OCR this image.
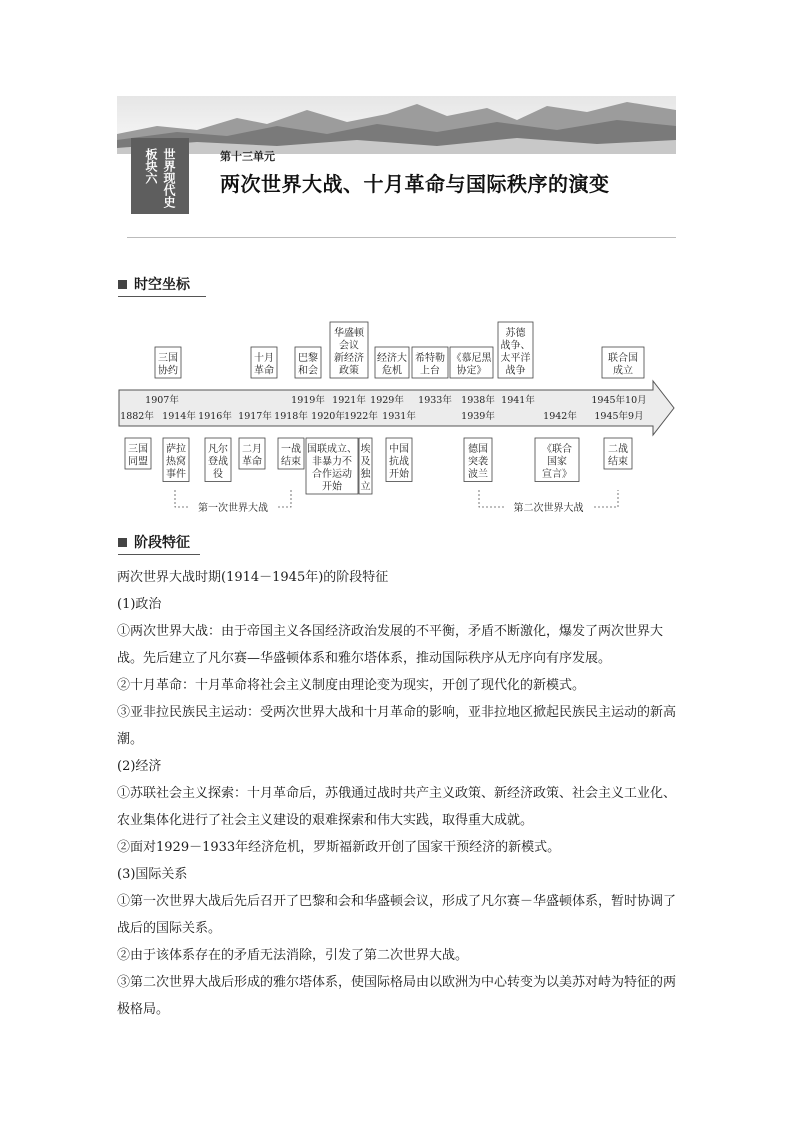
世界现代史
板块六	第十三单元
两次世界大战、十月革命与国际秩序的演变
时空坐标
三国
协约
十月
革命
巴黎
和会
华盛顿
会议
新经济
政策
经济大
危机
希特勒
上台
《慕尼黑
协定》
苏德
战争、
太平洋
战争
联合国
成立
三国
同盟
萨拉
热窝
事件
凡尔
登战
役
二月
革命
一战
结束
国联成立、
非暴力不
合作运动
开始
埃
及
独
立
中国
抗战
开始
德国
突袭
波兰
《联合
国家
宣言》
二战
结束
1907年	1919年 1921年 1929年 1933年 1938年 1941年	1945年10月
1882年 1914年 1916年 1917年 1918年 1920年 1922年 1931年	1939年	1942年 1945年9月
第一次世界大战	第二次世界大战
阶段特征

两次世界大战时期(1914－1945年)的阶段特征

(1)政治

①两次世界大战：由于帝国主义各国经济政治发展的不平衡，矛盾不断激化，爆发了两次世界大战。先后建立了凡尔赛—华盛顿体系和雅尔塔体系，推动国际秩序从无序向有序发展。

②十月革命：十月革命将社会主义制度由理论变为现实，开创了现代化的新模式。

③亚非拉民族民主运动：受两次世界大战和十月革命的影响，亚非拉地区掀起民族民主运动的新高潮。

(2)经济

①苏联社会主义探索：十月革命后，苏俄通过战时共产主义政策、新经济政策、社会主义工业化、农业集体化进行了社会主义建设的艰难探索和伟大实践，取得重大成就。

②面对1929－1933年经济危机，罗斯福新政开创了国家干预经济的新模式。

(3)国际关系

①第一次世界大战后先后召开了巴黎和会和华盛顿会议，形成了凡尔赛－华盛顿体系，暂时协调了战后的国际关系。

②由于该体系存在的矛盾无法消除，引发了第二次世界大战。

③第二次世界大战后形成的雅尔塔体系，使国际格局由以欧洲为中心转变为以美苏对峙为特征的两极格局。
